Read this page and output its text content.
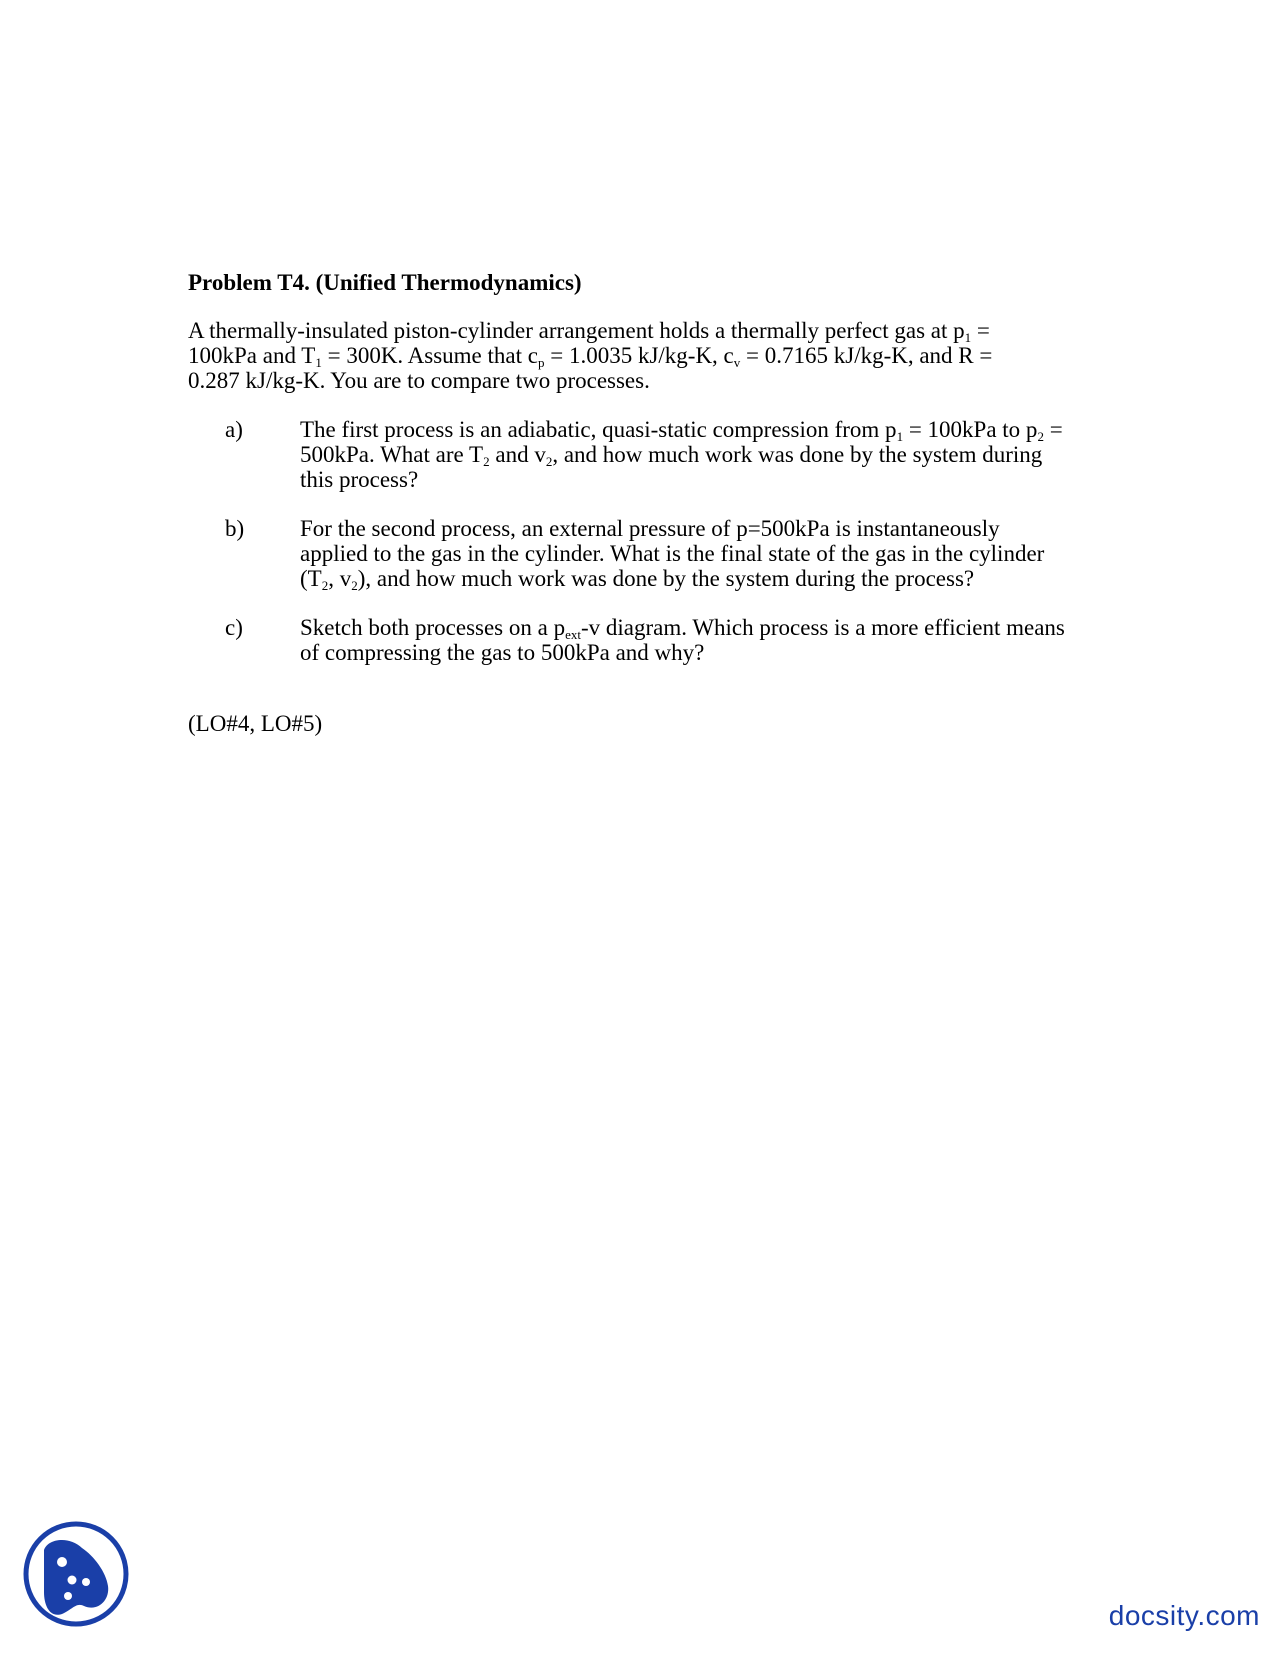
Problem T4. (Unified Thermodynamics)

A thermally-insulated piston-cylinder arrangement holds a thermally perfect gas at $p_1$ =

100kPa and $T_1 = 300K$. Assume that $c_p = 1.0035$ kJ/kg-K, $c_v = 0.7165$ kJ/kg-K, and R =

0.287 kJ/kg-K. You are to compare two processes.

a) The first process is an adiabatic, quasi-static compression from $p_1 = 100kPa$ to $p_2$ =
500kPa. What are $T_2$ and $v_2$, and how much work was done by the system during
this process?
b) For the second process, an external pressure of p=500kPa is instantaneously
applied to the gas in the cylinder. What is the final state of the gas in the cylinder
($T_2$, $v_2$), and how much work was done by the system during the process?
c) Sketch both processes on a $p_{ext}-v$ diagram. Which process is a more efficient means
of compressing the gas to 500kPa and why?
(LO#4, LO#5)
docsity.com
